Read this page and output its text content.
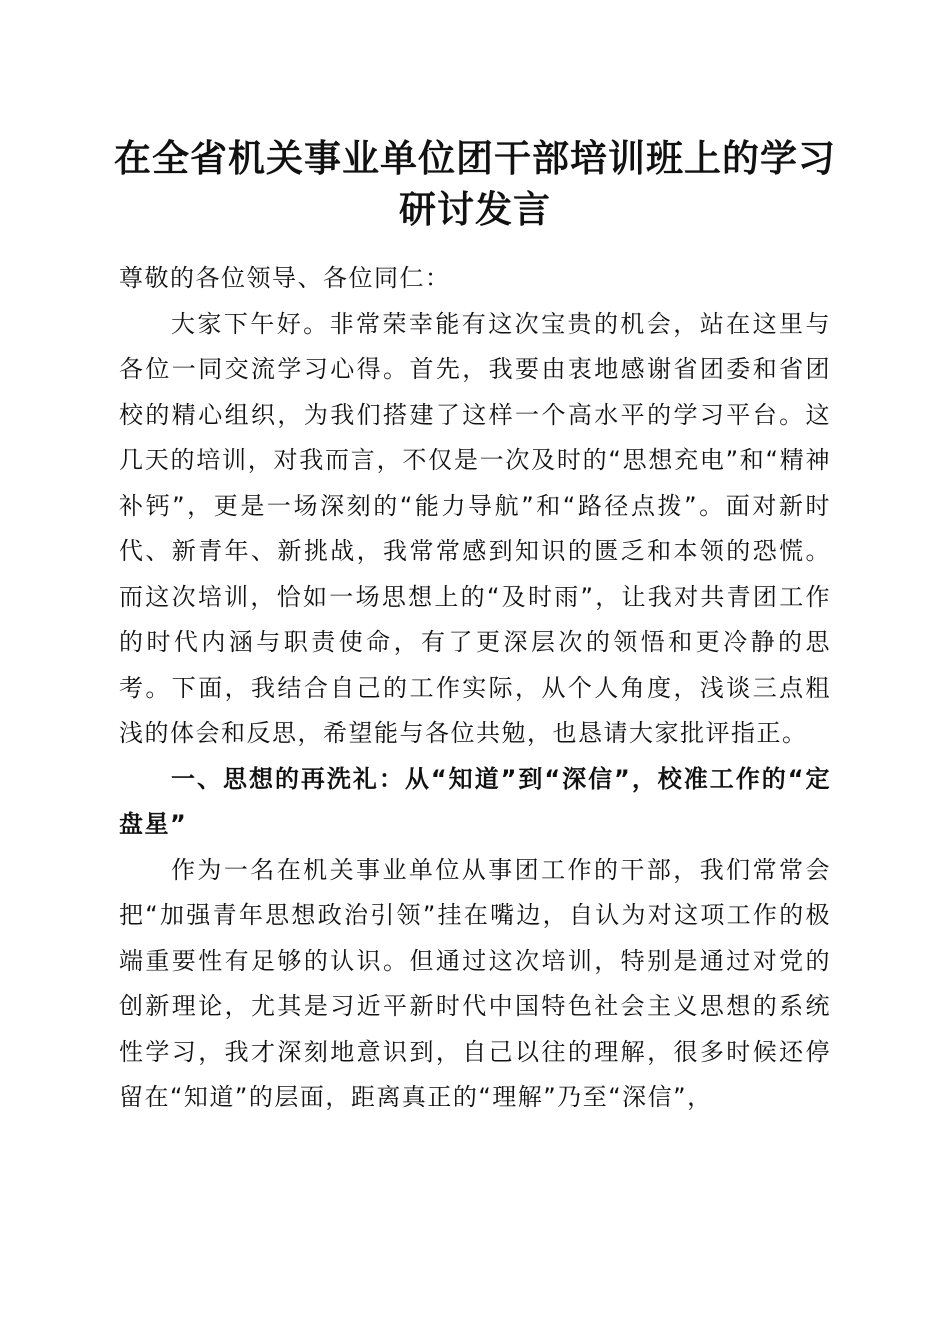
在全省机关事业单位团干部培训班上的学习研讨发言

尊敬的各位领导、各位同仁：

大家下午好。非常荣幸能有这次宝贵的机会，站在这里与各位一同交流学习心得。首先，我要由衷地感谢省团委和省团校的精心组织，为我们搭建了这样一个高水平的学习平台。这几天的培训，对我而言，不仅是一次及时的“思想充电”和“精神补钙”，更是一场深刻的“能力导航”和“路径点拨”。面对新时代、新青年、新挑战，我常常感到知识的匮乏和本领的恐慌。而这次培训，恰如一场思想上的“及时雨”，让我对共青团工作的时代内涵与职责使命，有了更深层次的领悟和更冷静的思考。下面，我结合自己的工作实际，从个人角度，浅谈三点粗浅的体会和反思，希望能与各位共勉，也恳请大家批评指正。

一、思想的再洗礼：从“知道”到“深信”，校准工作的“定盘星”

作为一名在机关事业单位从事团工作的干部，我们常常会把“加强青年思想政治引领”挂在嘴边，自认为对这项工作的极端重要性有足够的认识。但通过这次培训，特别是通过对党的创新理论，尤其是习近平新时代中国特色社会主义思想的系统性学习，我才深刻地意识到，自己以往的理解，很多时候还停留在“知道”的层面，距离真正的“理解”乃至“深信”，
